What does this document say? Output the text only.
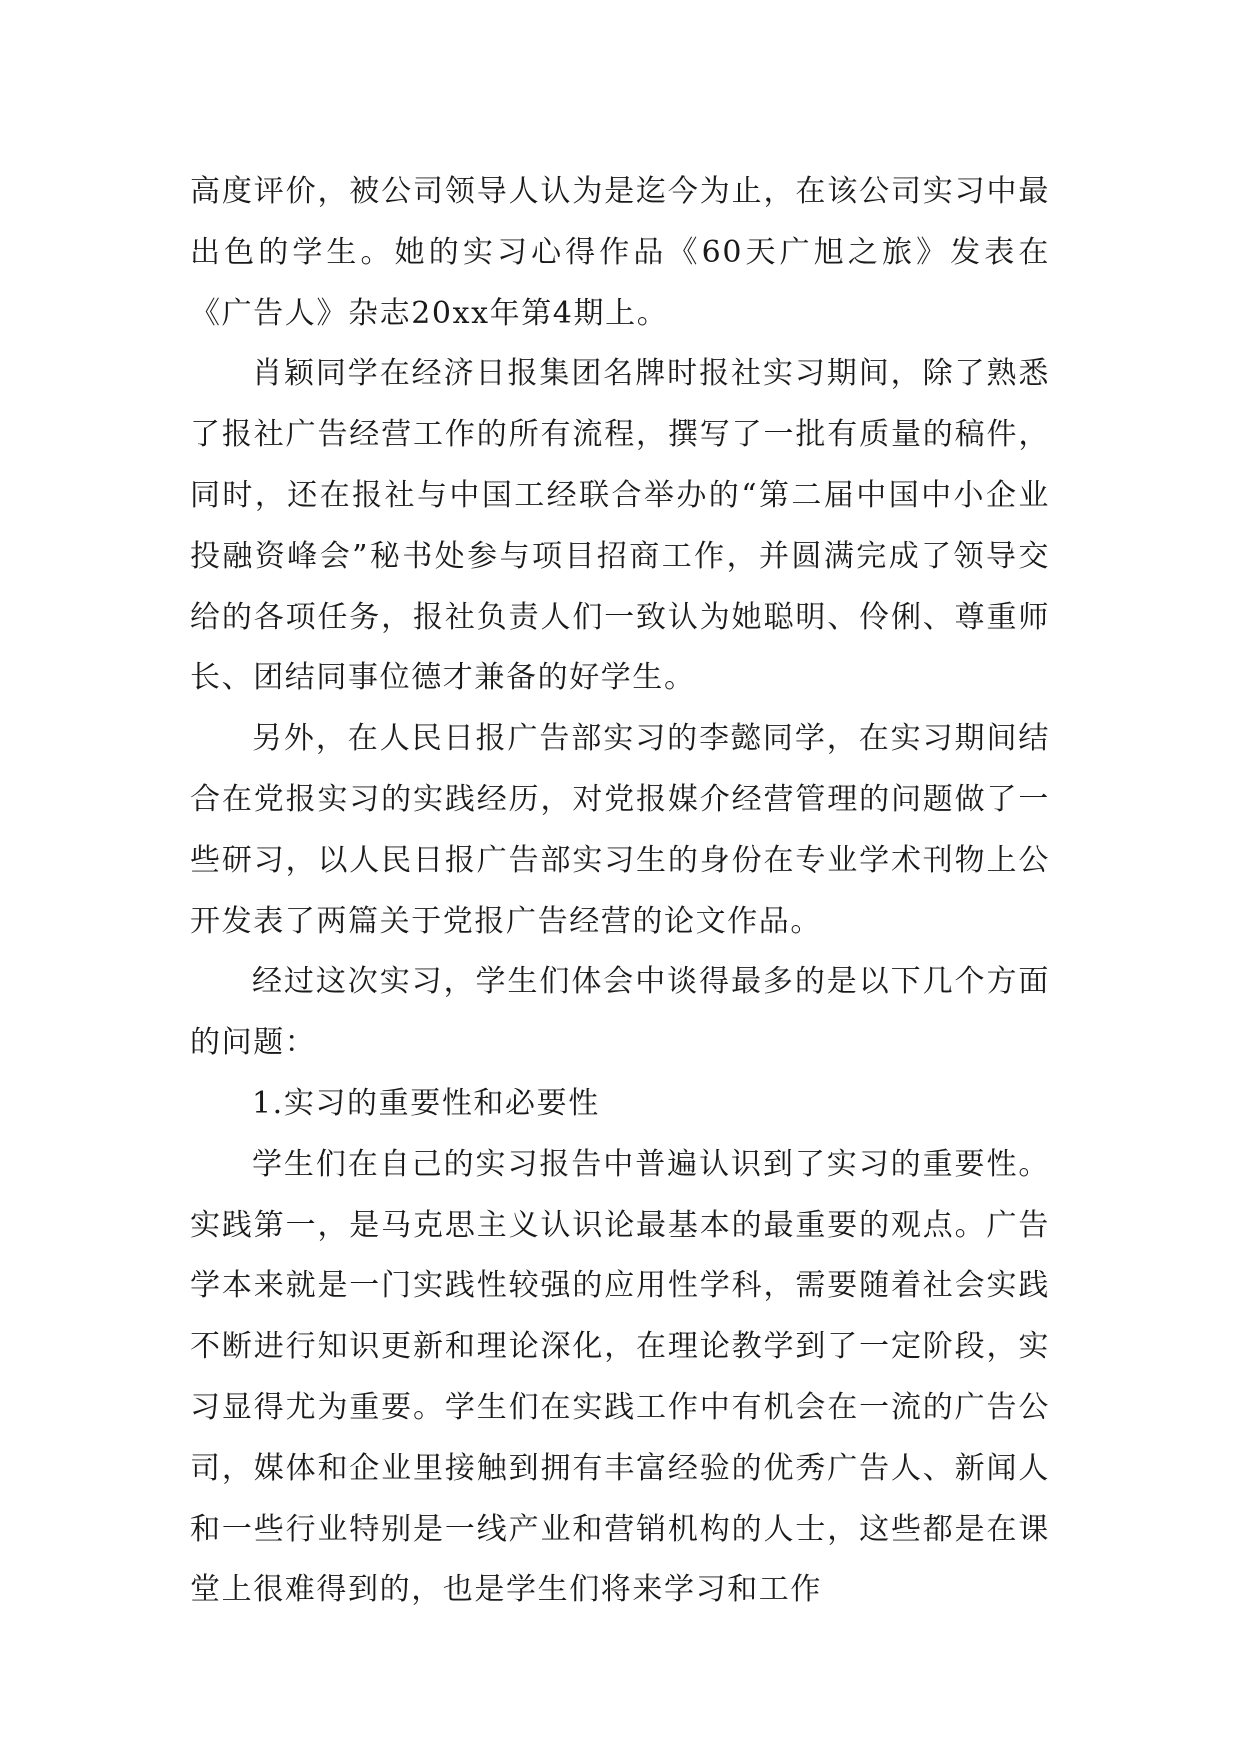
高度评价，被公司领导人认为是迄今为止，在该公司实习中最出色的学生。她的实习心得作品《60天广旭之旅》发表在《广告人》杂志20xx年第4期上。

肖颖同学在经济日报集团名牌时报社实习期间，除了熟悉了报社广告经营工作的所有流程，撰写了一批有质量的稿件，同时，还在报社与中国工经联合举办的“第二届中国中小企业投融资峰会”秘书处参与项目招商工作，并圆满完成了领导交给的各项任务，报社负责人们一致认为她聪明、伶俐、尊重师长、团结同事位德才兼备的好学生。

另外，在人民日报广告部实习的李懿同学，在实习期间结合在党报实习的实践经历，对党报媒介经营管理的问题做了一些研习，以人民日报广告部实习生的身份在专业学术刊物上公开发表了两篇关于党报广告经营的论文作品。

经过这次实习，学生们体会中谈得最多的是以下几个方面的问题：

1.实习的重要性和必要性

学生们在自己的实习报告中普遍认识到了实习的重要性。实践第一，是马克思主义认识论最基本的最重要的观点。广告学本来就是一门实践性较强的应用性学科，需要随着社会实践不断进行知识更新和理论深化，在理论教学到了一定阶段，实习显得尤为重要。学生们在实践工作中有机会在一流的广告公司，媒体和企业里接触到拥有丰富经验的优秀广告人、新闻人和一些行业特别是一线产业和营销机构的人士，这些都是在课堂上很难得到的，也是学生们将来学习和工作
